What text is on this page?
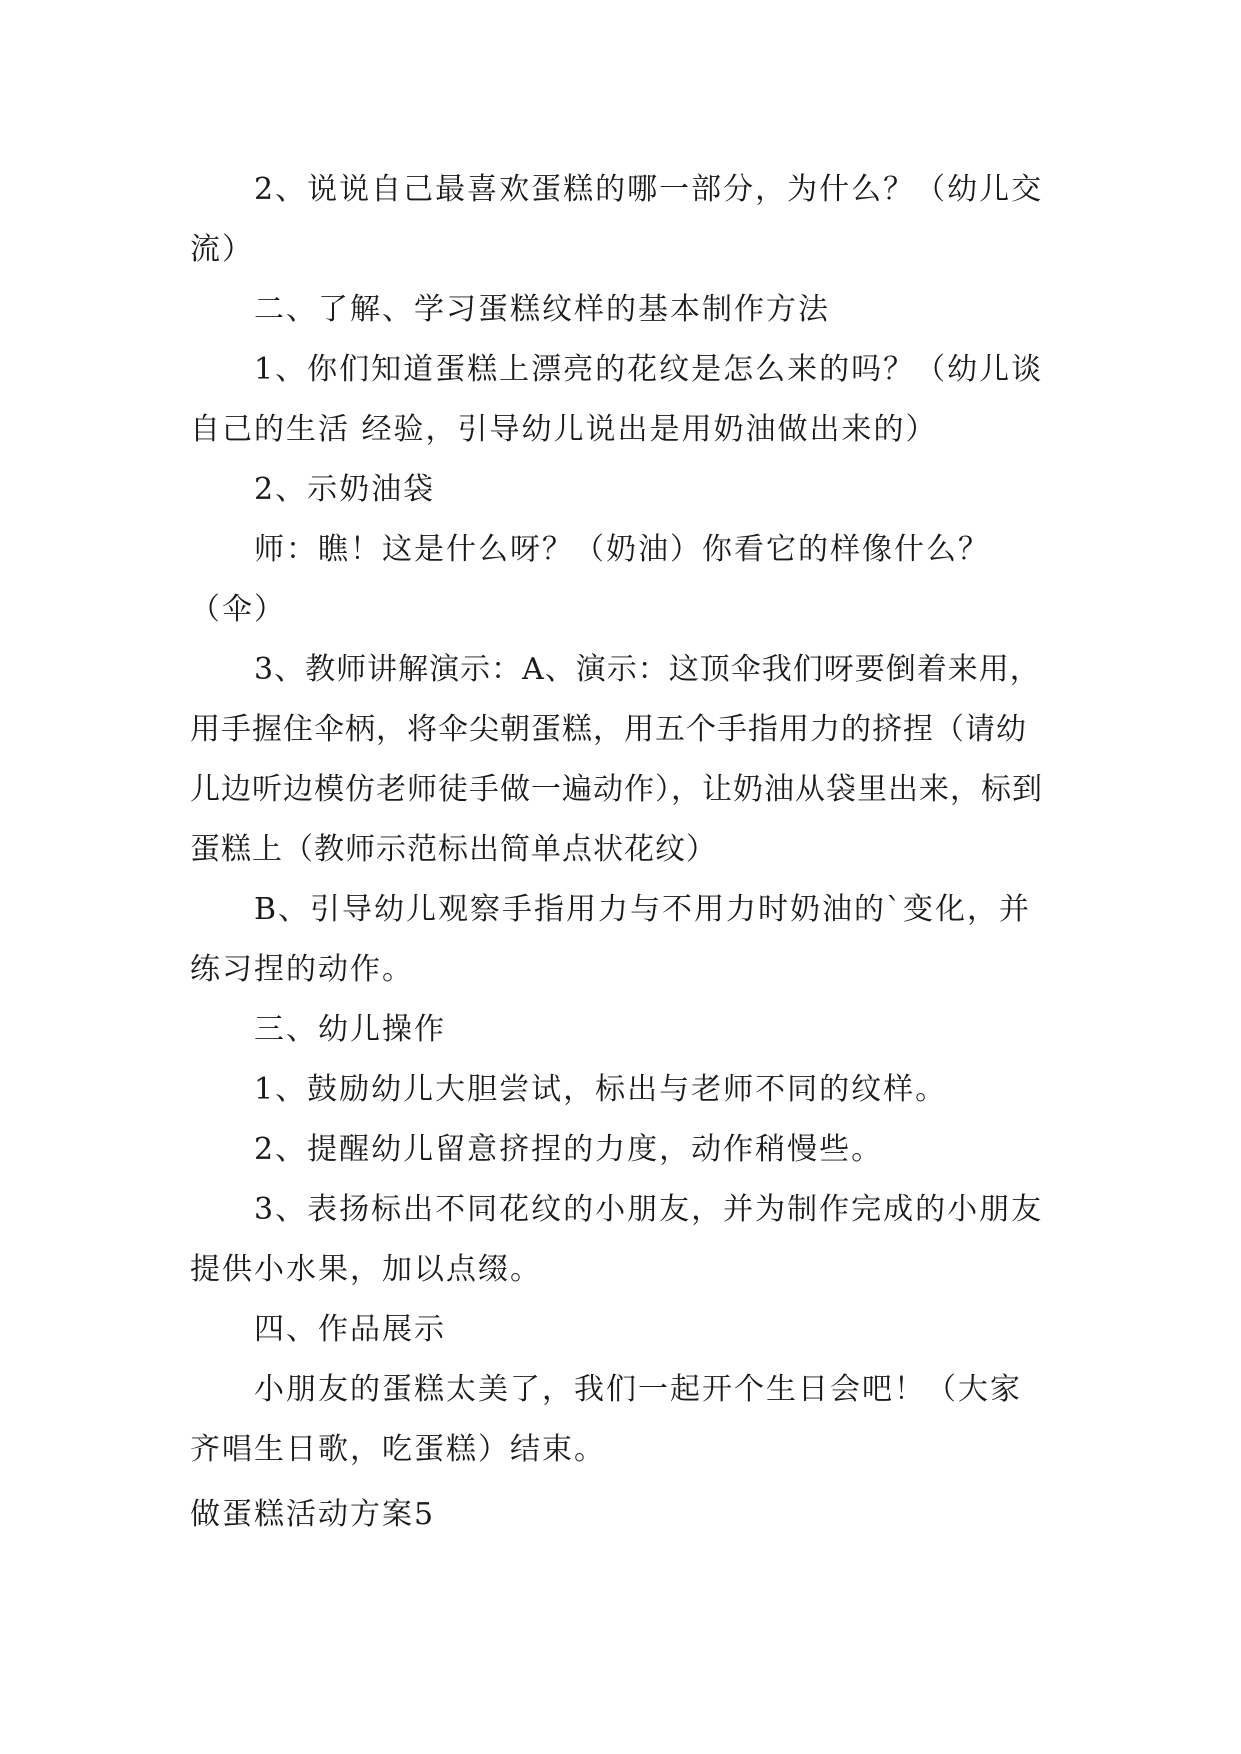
2、说说自己最喜欢蛋糕的哪一部分，为什么？（幼儿交流）

二、了解、学习蛋糕纹样的基本制作方法

1、你们知道蛋糕上漂亮的花纹是怎么来的吗？（幼儿谈自己的生活 经验，引导幼儿说出是用奶油做出来的）

2、示奶油袋

师：瞧！这是什么呀？（奶油）你看它的样像什么？（伞）

3、教师讲解演示：A、演示：这顶伞我们呀要倒着来用，用手握住伞柄，将伞尖朝蛋糕，用五个手指用力的挤捏（请幼儿边听边模仿老师徒手做一遍动作），让奶油从袋里出来，标到蛋糕上（教师示范标出简单点状花纹）

B、引导幼儿观察手指用力与不用力时奶油的`变化，并练习捏的动作。

三、幼儿操作

1、鼓励幼儿大胆尝试，标出与老师不同的纹样。

2、提醒幼儿留意挤捏的力度，动作稍慢些。

3、表扬标出不同花纹的小朋友，并为制作完成的小朋友提供小水果，加以点缀。

四、作品展示

小朋友的蛋糕太美了，我们一起开个生日会吧！（大家齐唱生日歌，吃蛋糕）结束。

做蛋糕活动方案5
